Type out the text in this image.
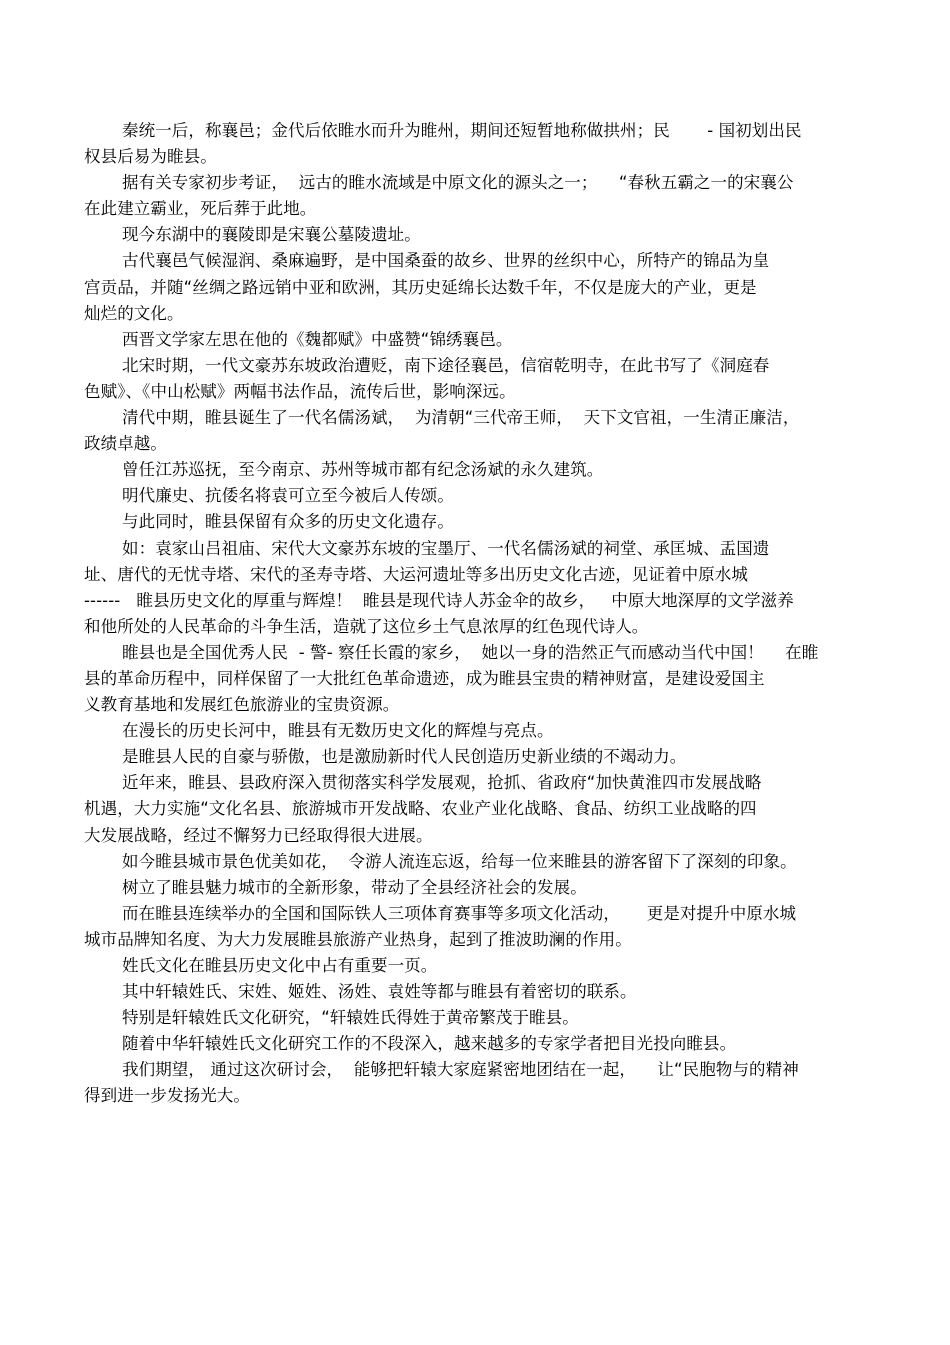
秦统一后，称襄邑；金代后依睢水而升为睢州，期间还短暂地称做拱州；民       - 国初划出民
权县后易为睢县。
据有关专家初步考证，  远古的睢水流域是中原文化的源头之一；    “春秋五霸之一的宋襄公
在此建立霸业，死后葬于此地。
现今东湖中的襄陵即是宋襄公墓陵遗址。
古代襄邑气候湿润、桑麻遍野，是中国桑蚕的故乡、世界的丝织中心，所特产的锦品为皇
宫贡品，并随“丝绸之路远销中亚和欧洲，其历史延绵长达数千年，不仅是庞大的产业，更是
灿烂的文化。
西晋文学家左思在他的《魏都赋》中盛赞“锦绣襄邑。
北宋时期，一代文豪苏东坡政治遭贬，南下途径襄邑，信宿乾明寺，在此书写了《洞庭春
色赋》、《中山松赋》两幅书法作品，流传后世，影响深远。
清代中期，睢县诞生了一代名儒汤斌，  为清朝“三代帝王师，  天下文官祖，一生清正廉洁，
政绩卓越。
曾任江苏巡抚，至今南京、苏州等城市都有纪念汤斌的永久建筑。
明代廉史、抗倭名将袁可立至今被后人传颂。
与此同时，睢县保留有众多的历史文化遗存。
如：袁家山吕祖庙、宋代大文豪苏东坡的宝墨厅、一代名儒汤斌的祠堂、承匡城、盂国遗
址、唐代的无忧寺塔、宋代的圣寿寺塔、大运河遗址等多出历史文化古迹，见证着中原水城
------   睢县历史文化的厚重与辉煌！  睢县是现代诗人苏金伞的故乡，   中原大地深厚的文学滋养
和他所处的人民革命的斗争生活，造就了这位乡土气息浓厚的红色现代诗人。
睢县也是全国优秀人民  - 警- 察任长霞的家乡，  她以一身的浩然正气而感动当代中国！    在睢
县的革命历程中，同样保留了一大批红色革命遗迹，成为睢县宝贵的精神财富，是建设爱国主
义教育基地和发展红色旅游业的宝贵资源。
在漫长的历史长河中，睢县有无数历史文化的辉煌与亮点。
是睢县人民的自豪与骄傲，也是激励新时代人民创造历史新业绩的不竭动力。
近年来，睢县、县政府深入贯彻落实科学发展观，抢抓、省政府“加快黄淮四市发展战略
机遇，大力实施“文化名县、旅游城市开发战略、农业产业化战略、食品、纺织工业战略的四
大发展战略，经过不懈努力已经取得很大进展。
如今睢县城市景色优美如花，  令游人流连忘返，给每一位来睢县的游客留下了深刻的印象。
树立了睢县魅力城市的全新形象，带动了全县经济社会的发展。
而在睢县连续举办的全国和国际铁人三项体育赛事等多项文化活动，     更是对提升中原水城
城市品牌知名度、为大力发展睢县旅游产业热身，起到了推波助澜的作用。
姓氏文化在睢县历史文化中占有重要一页。
其中轩辕姓氏、宋姓、姬姓、汤姓、袁姓等都与睢县有着密切的联系。
特别是轩辕姓氏文化研究，“轩辕姓氏得姓于黄帝繁茂于睢县。
随着中华轩辕姓氏文化研究工作的不段深入，越来越多的专家学者把目光投向睢县。
我们期望， 通过这次研讨会，  能够把轩辕大家庭紧密地团结在一起，    让“民胞物与的精神
得到进一步发扬光大。
